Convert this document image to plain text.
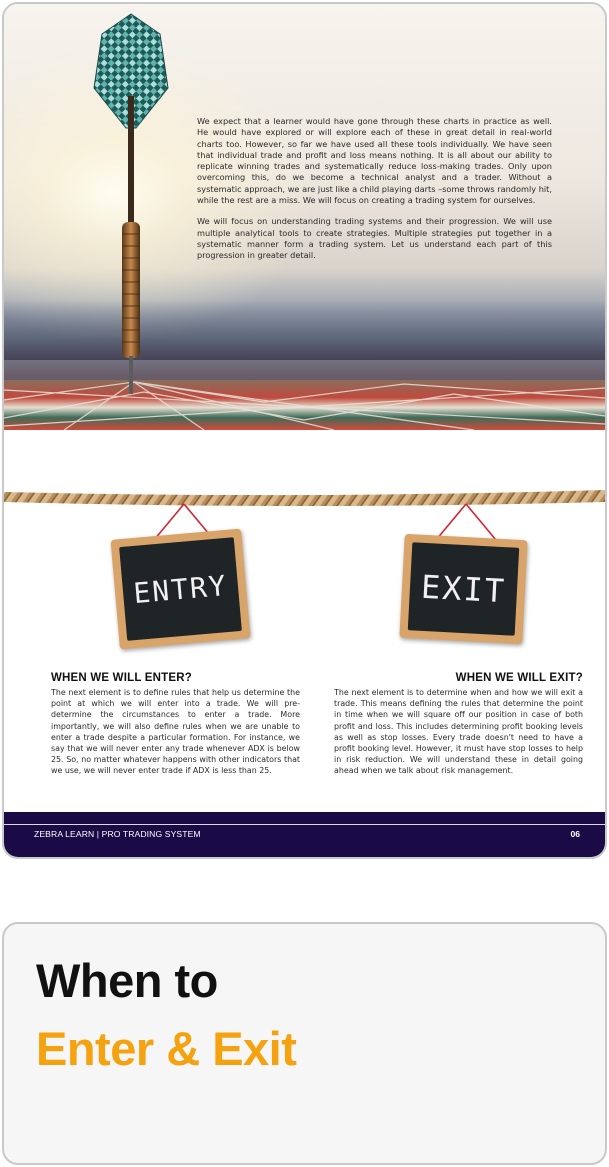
We expect that a learner would have gone through these charts in practice as well. He would have explored or will explore each of these in great detail in real-world charts too. However, so far we have used all these tools individually. We have seen that individual trade and profit and loss means nothing. It is all about our ability to replicate winning trades and systematically reduce loss-making trades. Only upon overcoming this, do we become a technical analyst and a trader. Without a systematic approach, we are just like a child playing darts –some throws randomly hit, while the rest are a miss. We will focus on creating a trading system for ourselves.

We will focus on understanding trading systems and their progression. We will use multiple analytical tools to create strategies. Multiple strategies put together in a systematic manner form a trading system. Let us understand each part of this progression in greater detail.

ENTRY	EXIT
WHEN WE WILL ENTER?

The next element is to define rules that help us determine the point at which we will enter into a trade. We will pre-determine the circumstances to enter a trade. More importantly, we will also define rules when we are unable to enter a trade despite a particular formation. For instance, we say that we will never enter any trade whenever ADX is below 25. So, no matter whatever happens with other indicators that we use, we will never enter trade if ADX is less than 25.

WHEN WE WILL EXIT?

The next element is to determine when and how we will exit a trade. This means defining the rules that determine the point in time when we will square off our position in case of both profit and loss. This includes determining profit booking levels as well as stop losses. Every trade doesn't need to have a profit booking level. However, it must have stop losses to help in risk reduction. We will understand these in detail going ahead when we talk about risk management.

ZEBRA LEARN | PRO TRADING SYSTEM	06
When to
Enter & Exit
